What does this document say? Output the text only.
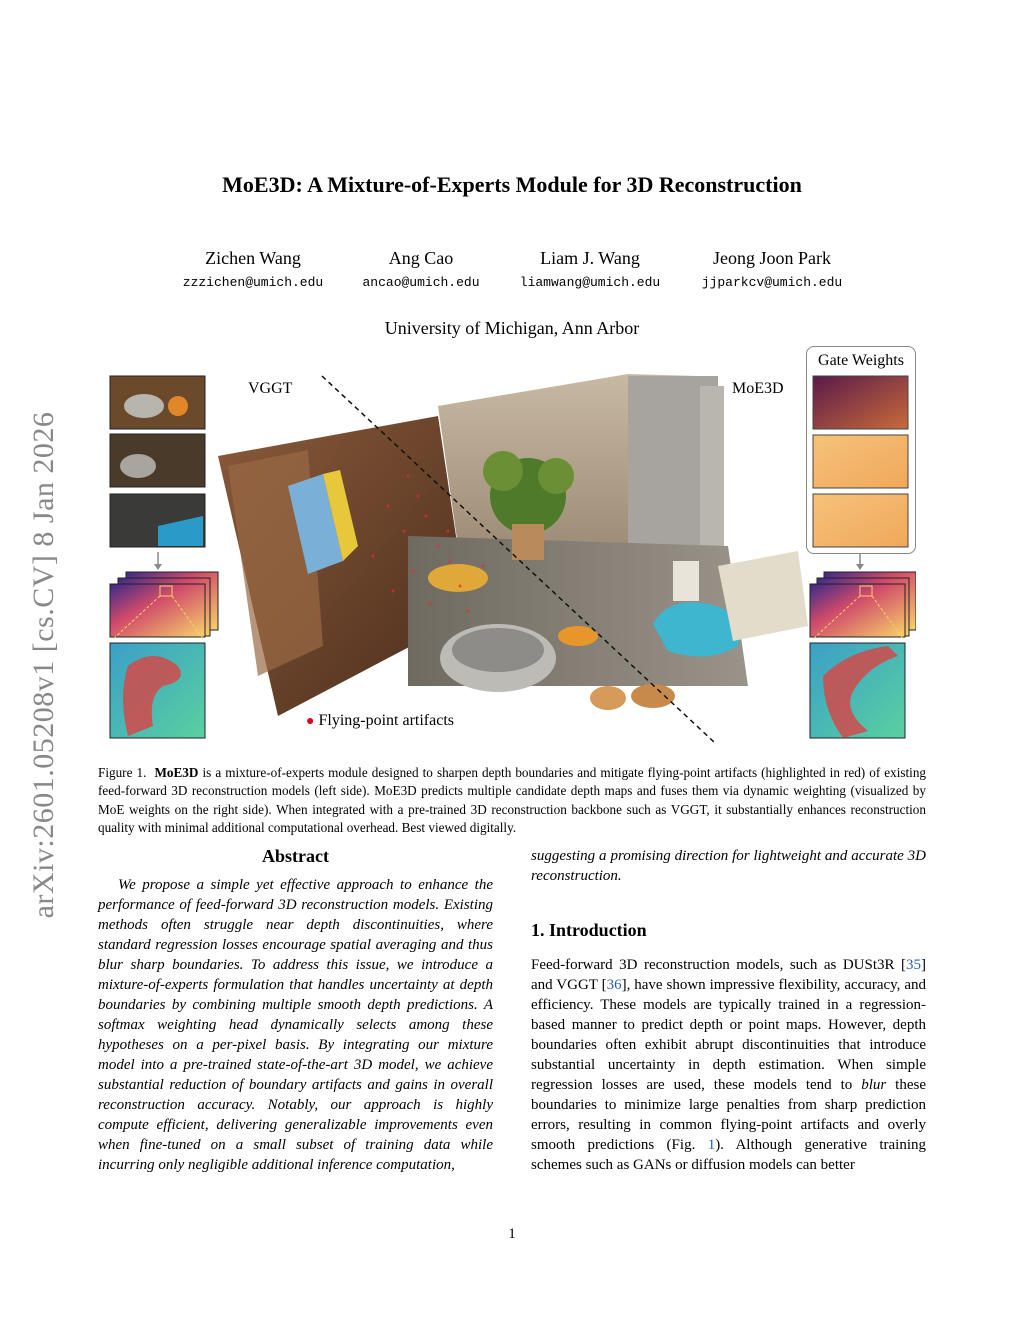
arXiv:2601.05208v1 [cs.CV] 8 Jan 2026
MoE3D: A Mixture-of-Experts Module for 3D Reconstruction
Zichen Wang
zzzichen@umich.edu
Ang Cao
ancao@umich.edu
Liam J. Wang
liamwang@umich.edu
Jeong Joon Park
jjparkcv@umich.edu
University of Michigan, Ann Arbor
VGGT	MoE3D
Gate Weights
● Flying-point artifacts
Figure 1. MoE3D is a mixture-of-experts module designed to sharpen depth boundaries and mitigate flying-point artifacts (highlighted in red) of existing feed-forward 3D reconstruction models (left side). MoE3D predicts multiple candidate depth maps and fuses them via dynamic weighting (visualized by MoE weights on the right side). When integrated with a pre-trained 3D reconstruction backbone such as VGGT, it substantially enhances reconstruction quality with minimal additional computational overhead. Best viewed digitally.
Abstract

We propose a simple yet effective approach to enhance the performance of feed-forward 3D reconstruction models. Existing methods often struggle near depth discontinuities, where standard regression losses encourage spatial averaging and thus blur sharp boundaries. To address this issue, we introduce a mixture-of-experts formulation that handles uncertainty at depth boundaries by combining multiple smooth depth predictions. A softmax weighting head dynamically selects among these hypotheses on a per-pixel basis. By integrating our mixture model into a pre-trained state-of-the-art 3D model, we achieve substantial reduction of boundary artifacts and gains in overall reconstruction accuracy. Notably, our approach is highly compute efficient, delivering generalizable improvements even when fine-tuned on a small subset of training data while incurring only negligible additional inference computation,

suggesting a promising direction for lightweight and accurate 3D reconstruction.

1. Introduction

Feed-forward 3D reconstruction models, such as DUSt3R [35] and VGGT [36], have shown impressive flexibility, accuracy, and efficiency. These models are typically trained in a regression-based manner to predict depth or point maps. However, depth boundaries often exhibit abrupt discontinuities that introduce substantial uncertainty in depth estimation. When simple regression losses are used, these models tend to blur these boundaries to minimize large penalties from sharp prediction errors, resulting in common flying-point artifacts and overly smooth predictions (Fig. 1). Although generative training schemes such as GANs or diffusion models can better

1
